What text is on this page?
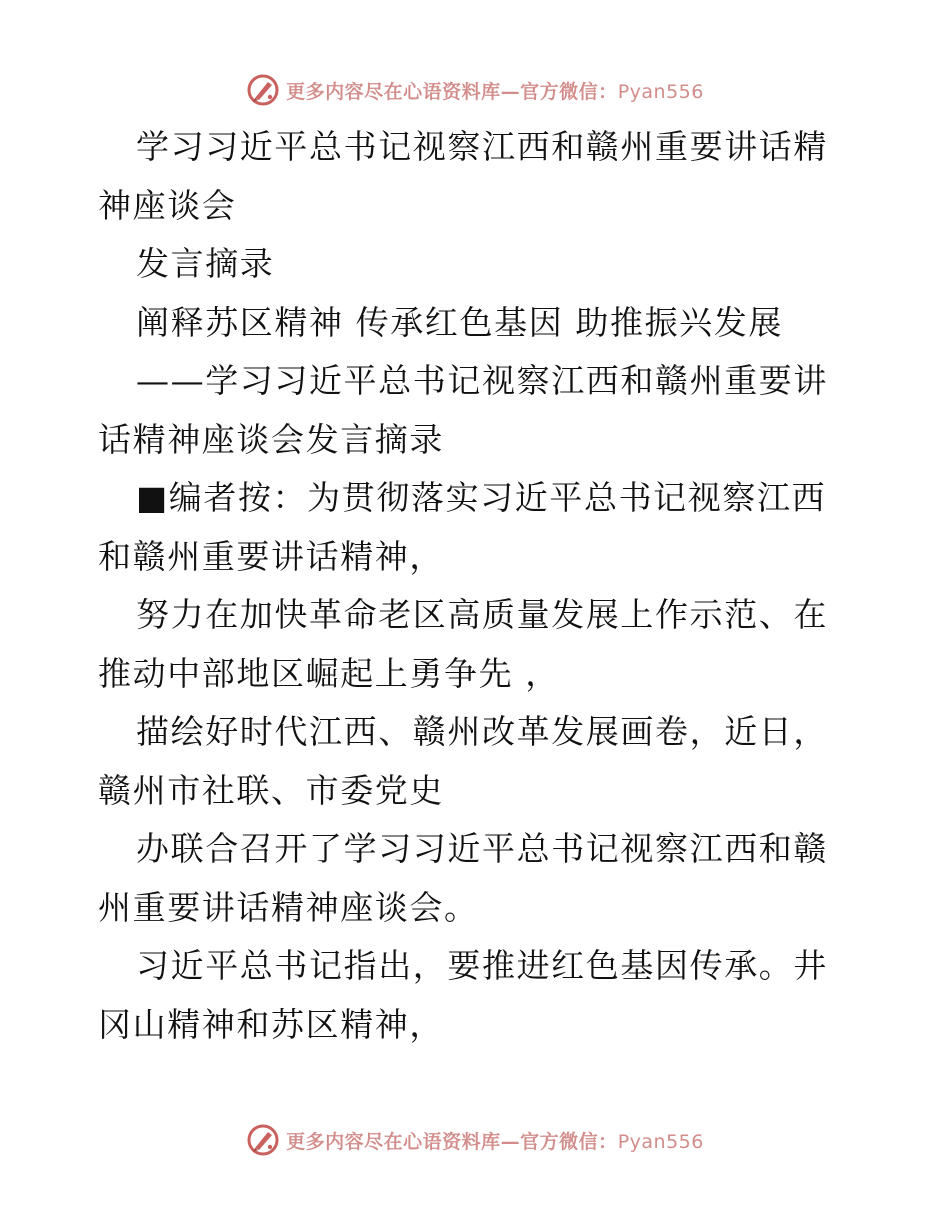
更多内容尽在心语资料库—官方微信：Pyan556

学习习近平总书记视察江西和赣州重要讲话精神座谈会

发言摘录

阐释苏区精神 传承红色基因 助推振兴发展

——学习习近平总书记视察江西和赣州重要讲话精神座谈会发言摘录

■编者按：为贯彻落实习近平总书记视察江西和赣州重要讲话精神，

努力在加快革命老区高质量发展上作示范、在推动中部地区崛起上勇争先 ，

描绘好时代江西、赣州改革发展画卷，近日，赣州市社联、市委党史

办联合召开了学习习近平总书记视察江西和赣州重要讲话精神座谈会。

习近平总书记指出，要推进红色基因传承。井冈山精神和苏区精神，

更多内容尽在心语资料库—官方微信：Pyan556
